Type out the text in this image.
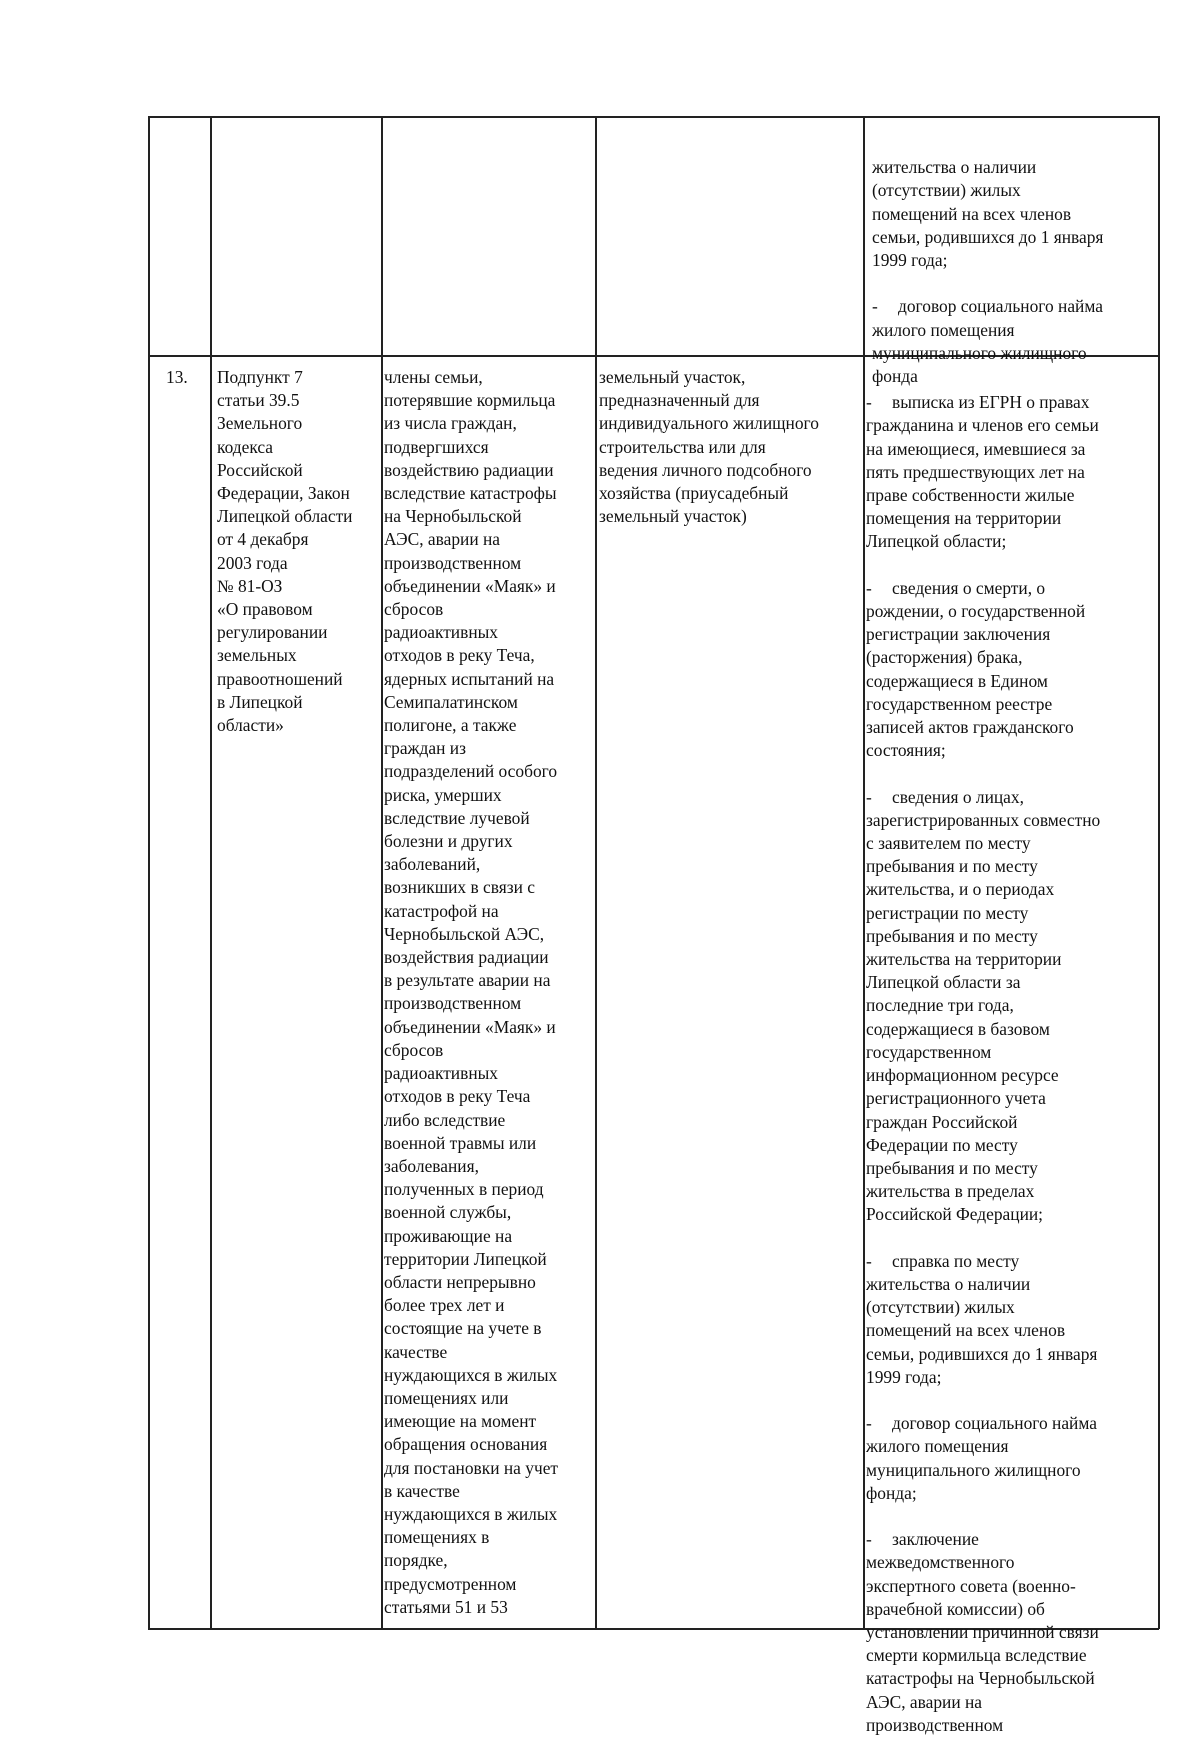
жительства о наличии
(отсутствии) жилых
помещений на всех членов
семьи, родившихся до 1 января
1999 года;

- договор социального найма
жилого помещения
муниципального жилищного
фонда

13.	Подпункт 7
статьи 39.5
Земельного
кодекса
Российской
Федерации, Закон
Липецкой области
от 4 декабря
2003 года
№ 81-ОЗ
«О правовом
регулировании
земельных
правоотношений
в Липецкой
области»
члены семьи,
потерявшие кормильца
из числа граждан,
подвергшихся
воздействию радиации
вследствие катастрофы
на Чернобыльской
АЭС, аварии на
производственном
объединении «Маяк» и
сбросов
радиоактивных
отходов в реку Теча,
ядерных испытаний на
Семипалатинском
полигоне, а также
граждан из
подразделений особого
риска, умерших
вследствие лучевой
болезни и других
заболеваний,
возникших в связи с
катастрофой на
Чернобыльской АЭС,
воздействия радиации
в результате аварии на
производственном
объединении «Маяк» и
сбросов
радиоактивных
отходов в реку Теча
либо вследствие
военной травмы или
заболевания,
полученных в период
военной службы,
проживающие на
территории Липецкой
области непрерывно
более трех лет и
состоящие на учете в
качестве
нуждающихся в жилых
помещениях или
имеющие на момент
обращения основания
для постановки на учет
в качестве
нуждающихся в жилых
помещениях в
порядке,
предусмотренном
статьями 51 и 53
земельный участок,
предназначенный для
индивидуального жилищного
строительства или для
ведения личного подсобного
хозяйства (приусадебный
земельный участок)

- выписка из ЕГРН о правах
гражданина и членов его семьи
на имеющиеся, имевшиеся за
пять предшествующих лет на
праве собственности жилые
помещения на территории
Липецкой области;

- сведения о смерти, о
рождении, о государственной
регистрации заключения
(расторжения) брака,
содержащиеся в Едином
государственном реестре
записей актов гражданского
состояния;

- сведения о лицах,
зарегистрированных совместно
с заявителем по месту
пребывания и по месту
жительства, и о периодах
регистрации по месту
пребывания и по месту
жительства на территории
Липецкой области за
последние три года,
содержащиеся в базовом
государственном
информационном ресурсе
регистрационного учета
граждан Российской
Федерации по месту
пребывания и по месту
жительства в пределах
Российской Федерации;

- справка по месту
жительства о наличии
(отсутствии) жилых
помещений на всех членов
семьи, родившихся до 1 января
1999 года;

- договор социального найма
жилого помещения
муниципального жилищного
фонда;

- заключение
межведомственного
экспертного совета (военно-
врачебной комиссии) об
установлении причинной связи
смерти кормильца вследствие
катастрофы на Чернобыльской
АЭС, аварии на
производственном
